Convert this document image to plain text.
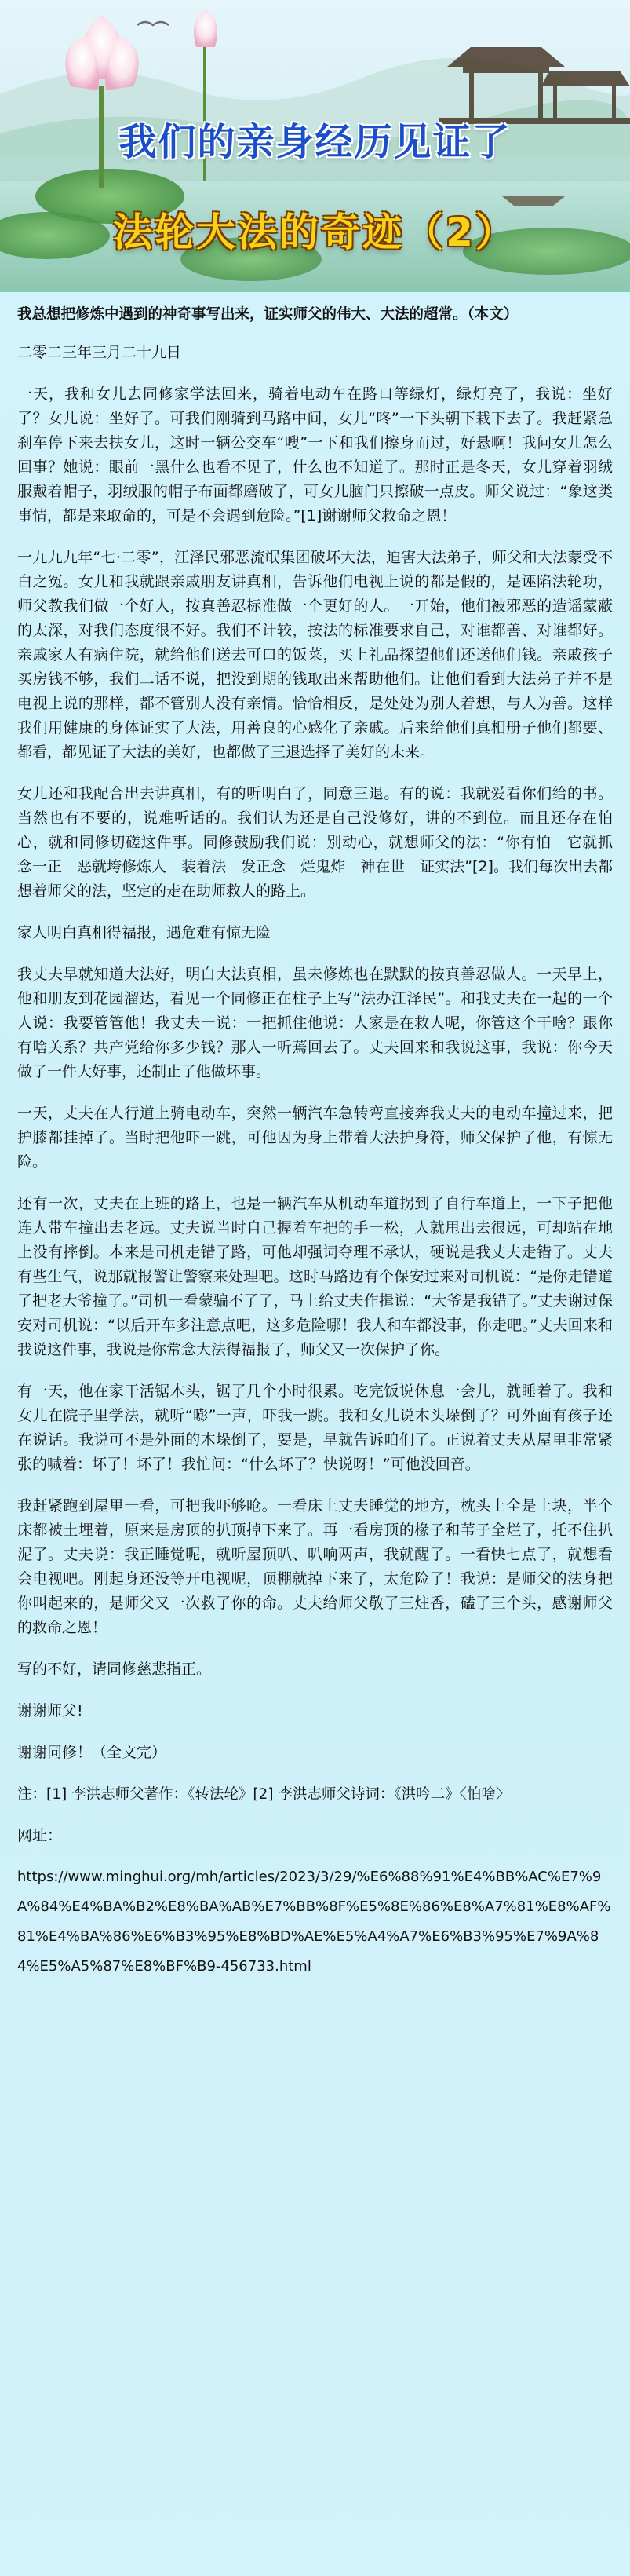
我们的亲身经历见证了
法轮大法的奇迹（2）
我总想把修炼中遇到的神奇事写出来，证实师父的伟大、大法的超常。（本文）
二零二三年三月二十九日

一天，我和女儿去同修家学法回来，骑着电动车在路口等绿灯，绿灯亮了，我说：坐好了？女儿说：坐好了。可我们刚骑到马路中间，女儿“咚”一下头朝下栽下去了。我赶紧急刹车停下来去扶女儿，这时一辆公交车“嗖”一下和我们擦身而过，好悬啊！我问女儿怎么回事？她说：眼前一黑什么也看不见了，什么也不知道了。那时正是冬天，女儿穿着羽绒服戴着帽子，羽绒服的帽子布面都磨破了，可女儿脑门只擦破一点皮。师父说过：“象这类事情，都是来取命的，可是不会遇到危险。”[1]谢谢师父救命之恩！

一九九九年“七·二零”，江泽民邪恶流氓集团破坏大法，迫害大法弟子，师父和大法蒙受不白之冤。女儿和我就跟亲戚朋友讲真相，告诉他们电视上说的都是假的，是诬陷法轮功，师父教我们做一个好人，按真善忍标准做一个更好的人。一开始，他们被邪恶的造谣蒙蔽的太深，对我们态度很不好。我们不计较，按法的标准要求自己，对谁都善、对谁都好。亲戚家人有病住院，就给他们送去可口的饭菜，买上礼品探望他们还送他们钱。亲戚孩子买房钱不够，我们二话不说，把没到期的钱取出来帮助他们。让他们看到大法弟子并不是电视上说的那样，都不管别人没有亲情。恰恰相反，是处处为别人着想，与人为善。这样我们用健康的身体证实了大法，用善良的心感化了亲戚。后来给他们真相册子他们都要、都看，都见证了大法的美好，也都做了三退选择了美好的未来。

女儿还和我配合出去讲真相，有的听明白了，同意三退。有的说：我就爱看你们给的书。当然也有不要的，说难听话的。我们认为还是自己没修好，讲的不到位。而且还存在怕心，就和同修切磋这件事。同修鼓励我们说：别动心，就想师父的法：“你有怕　它就抓　念一正　恶就垮修炼人　装着法　发正念　烂鬼炸　神在世　证实法”[2]。我们每次出去都想着师父的法，坚定的走在助师救人的路上。

家人明白真相得福报，遇危难有惊无险

我丈夫早就知道大法好，明白大法真相，虽未修炼也在默默的按真善忍做人。一天早上，他和朋友到花园溜达，看见一个同修正在柱子上写“法办江泽民”。和我丈夫在一起的一个人说：我要管管他！我丈夫一说：一把抓住他说：人家是在救人呢，你管这个干啥？跟你有啥关系？共产党给你多少钱？那人一听蔫回去了。丈夫回来和我说这事，我说：你今天做了一件大好事，还制止了他做坏事。

一天，丈夫在人行道上骑电动车，突然一辆汽车急转弯直接奔我丈夫的电动车撞过来，把护膝都挂掉了。当时把他吓一跳，可他因为身上带着大法护身符，师父保护了他，有惊无险。

还有一次，丈夫在上班的路上，也是一辆汽车从机动车道拐到了自行车道上，一下子把他连人带车撞出去老远。丈夫说当时自己握着车把的手一松，人就甩出去很远，可却站在地上没有摔倒。本来是司机走错了路，可他却强词夺理不承认，硬说是我丈夫走错了。丈夫有些生气，说那就报警让警察来处理吧。这时马路边有个保安过来对司机说：“是你走错道了把老大爷撞了。”司机一看蒙骗不了了，马上给丈夫作揖说：“大爷是我错了。”丈夫谢过保安对司机说：“以后开车多注意点吧，这多危险哪！我人和车都没事，你走吧。”丈夫回来和我说这件事，我说是你常念大法得福报了，师父又一次保护了你。

有一天，他在家干活锯木头，锯了几个小时很累。吃完饭说休息一会儿，就睡着了。我和女儿在院子里学法，就听“嘭”一声，吓我一跳。我和女儿说木头垛倒了？可外面有孩子还在说话。我说可不是外面的木垛倒了，要是，早就告诉咱们了。正说着丈夫从屋里非常紧张的喊着：坏了！坏了！我忙问：“什么坏了？快说呀！”可他没回音。

我赶紧跑到屋里一看，可把我吓够呛。一看床上丈夫睡觉的地方，枕头上全是土块，半个床都被土埋着，原来是房顶的扒顶掉下来了。再一看房顶的椽子和苇子全烂了，托不住扒泥了。丈夫说：我正睡觉呢，就听屋顶叭、叭响两声，我就醒了。一看快七点了，就想看会电视吧。刚起身还没等开电视呢，顶棚就掉下来了，太危险了！我说：是师父的法身把你叫起来的，是师父又一次救了你的命。丈夫给师父敬了三炷香，磕了三个头，感谢师父的救命之恩！

写的不好，请同修慈悲指正。
谢谢师父!
谢谢同修！（全文完）
注：[1] 李洪志师父著作：《转法轮》[2] 李洪志师父诗词：《洪吟二》〈怕啥〉
网址：
https://www.minghui.org/mh/articles/2023/3/29/%E6%88%91%E4%BB%AC%E7%9A%84%E4%BA%B2%E8%BA%AB%E7%BB%8F%E5%8E%86%E8%A7%81%E8%AF%81%E4%BA%86%E6%B3%95%E8%BD%AE%E5%A4%A7%E6%B3%95%E7%9A%84%E5%A5%87%E8%BF%B9-456733.html
